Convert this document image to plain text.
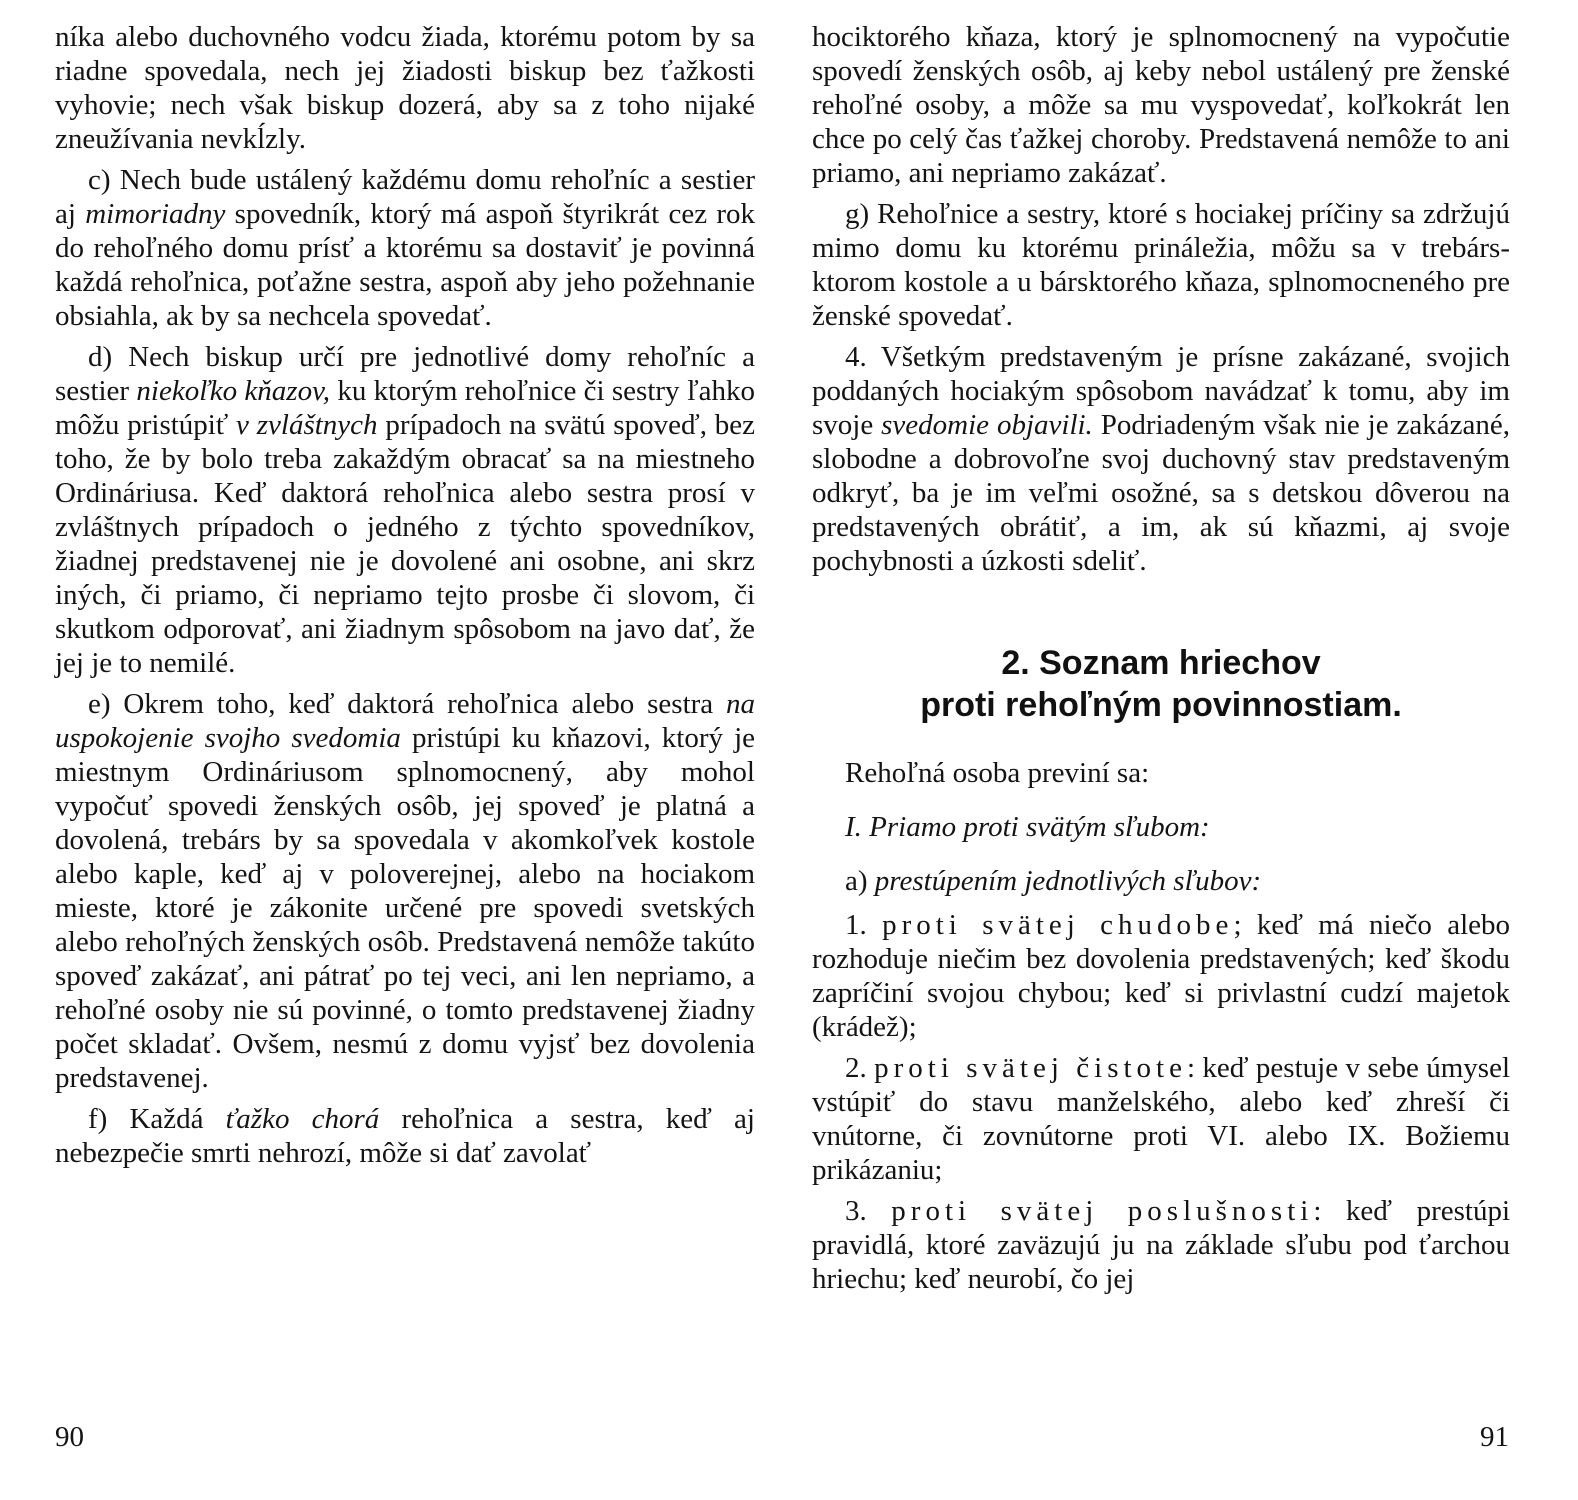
níka alebo duchovného vodcu žiada, ktorému potom by sa riadne spovedala, nech jej žiadosti biskup bez ťažkosti vyhovie; nech však biskup dozerá, aby sa z toho nijaké zneužívania nevkĺzly.

c) Nech bude ustálený každému domu rehoľníc a sestier aj mimoriadny spovedník, ktorý má aspoň štyrikrát cez rok do rehoľného domu prísť a ktorému sa dostaviť je povinná každá rehoľnica, poťažne sestra, aspoň aby jeho požehnanie obsiahla, ak by sa nechcela spovedať.

d) Nech biskup určí pre jednotlivé domy rehoľníc a sestier niekoľko kňazov, ku ktorým rehoľnice či sestry ľahko môžu pristúpiť v zvláštnych prípadoch na svätú spoveď, bez toho, že by bolo treba zakaždým obracať sa na miestneho Ordináriusa. Keď daktorá rehoľnica alebo sestra prosí v zvláštnych prípadoch o jedného z týchto spovedníkov, žiadnej predstavenej nie je dovolené ani osobne, ani skrz iných, či priamo, či nepriamo tejto prosbe či slovom, či skutkom odporovať, ani žiadnym spôsobom na javo dať, že jej je to nemilé.

e) Okrem toho, keď daktorá rehoľnica alebo sestra na uspokojenie svojho svedomia pristúpi ku kňazovi, ktorý je miestnym Ordináriusom splnomocnený, aby mohol vypočuť spovedi ženských osôb, jej spoveď je platná a dovolená, trebárs by sa spovedala v akomkoľvek kostole alebo kaple, keď aj v poloverejnej, alebo na hociakom mieste, ktoré je zákonite určené pre spovedi svetských alebo rehoľných ženských osôb. Predstavená nemôže takúto spoveď zakázať, ani pátrať po tej veci, ani len nepriamo, a rehoľné osoby nie sú povinné, o tomto predstavenej žiadny počet skladať. Ovšem, nesmú z domu vyjsť bez dovolenia predstavenej.

f) Každá ťažko chorá rehoľnica a sestra, keď aj nebezpečie smrti nehrozí, môže si dať zavolať

hociktorého kňaza, ktorý je splnomocnený na vypočutie spovedí ženských osôb, aj keby nebol ustálený pre ženské rehoľné osoby, a môže sa mu vyspovedať, koľkokrát len chce po celý čas ťažkej choroby. Predstavená nemôže to ani priamo, ani nepriamo zakázať.

g) Rehoľnice a sestry, ktoré s hociakej príčiny sa zdržujú mimo domu ku ktorému prináležia, môžu sa v trebársktorom kostole a u bársktorého kňaza, splnomocneného pre ženské spovedať.

4. Všetkým predstaveným je prísne zakázané, svojich poddaných hociakým spôsobom navádzať k tomu, aby im svoje svedomie objavili. Podriadeným však nie je zakázané, slobodne a dobrovoľne svoj duchovný stav predstaveným odkryť, ba je im veľmi osožné, sa s detskou dôverou na predstavených obrátiť, a im, ak sú kňazmi, aj svoje pochybnosti a úzkosti sdeliť.

2. Soznam hriechov
proti rehoľným povinnostiam.

Rehoľná osoba previní sa:

I. Priamo proti svätým sľubom:

a) prestúpením jednotlivých sľubov:

1. proti svätej chudobe; keď má niečo alebo rozhoduje niečim bez dovolenia predstavených; keď škodu zapríčiní svojou chybou; keď si privlastní cudzí majetok (krádež);

2. proti svätej čistote: keď pestuje v sebe úmysel vstúpiť do stavu manželského, alebo keď zhreší či vnútorne, či zovnútorne proti VI. alebo IX. Božiemu prikázaniu;

3. proti svätej poslušnosti: keď prestúpi pravidlá, ktoré zaväzujú ju na základe sľubu pod ťarchou hriechu; keď neurobí, čo jej

90	91
